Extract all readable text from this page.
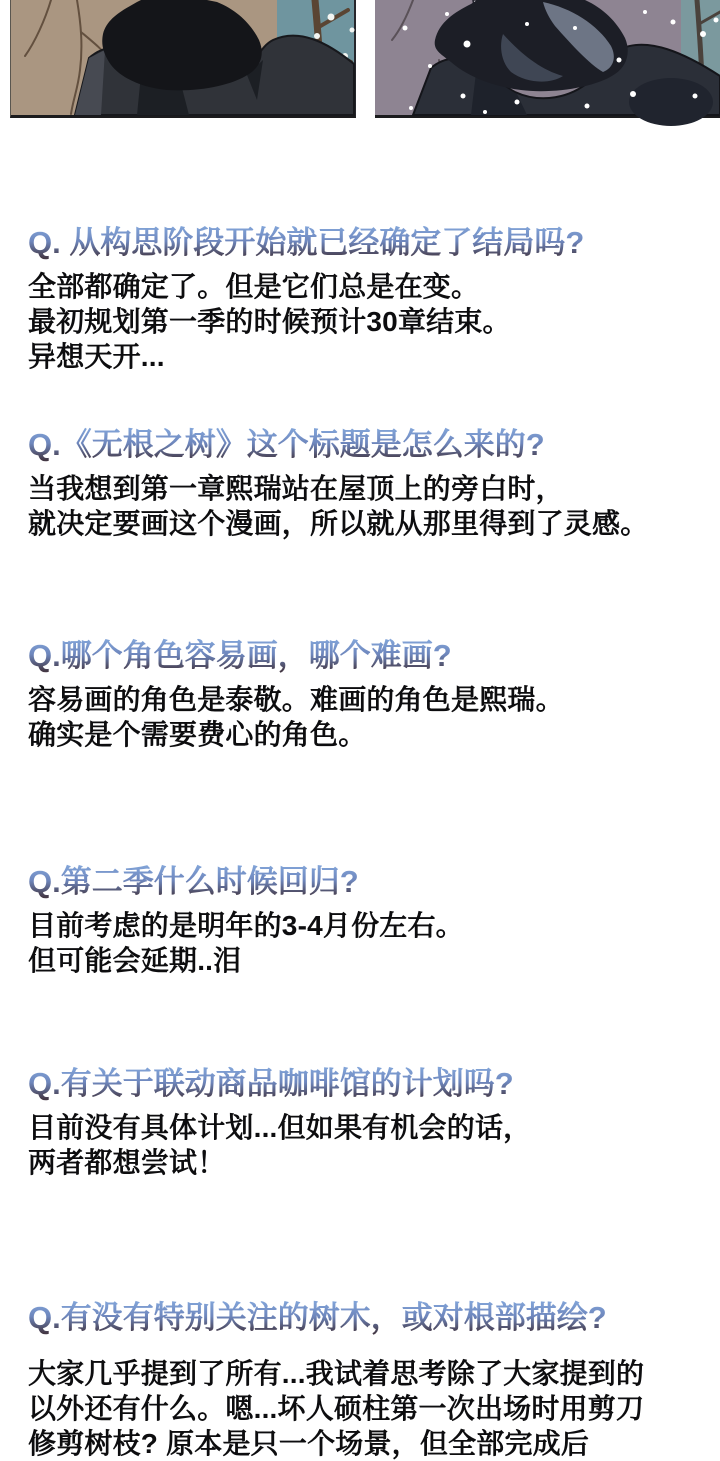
Q. 从构思阶段开始就已经确定了结局吗?

全部都确定了。但是它们总是在变。

最初规划第一季的时候预计30章结束。

异想天开...

Q.《无根之树》这个标题是怎么来的?

当我想到第一章熙瑞站在屋顶上的旁白时，

就决定要画这个漫画，所以就从那里得到了灵感。

Q.哪个角色容易画，哪个难画?

容易画的角色是泰敬。难画的角色是熙瑞。

确实是个需要费心的角色。

Q.第二季什么时候回归?

目前考虑的是明年的3-4月份左右。

但可能会延期..泪

Q.有关于联动商品咖啡馆的计划吗?

目前没有具体计划...但如果有机会的话，

两者都想尝试！

Q.有没有特别关注的树木，或对根部描绘?

大家几乎提到了所有...我试着思考除了大家提到的

以外还有什么。嗯...坏人硕柱第一次出场时用剪刀

修剪树枝? 原本是只一个场景，但全部完成后
